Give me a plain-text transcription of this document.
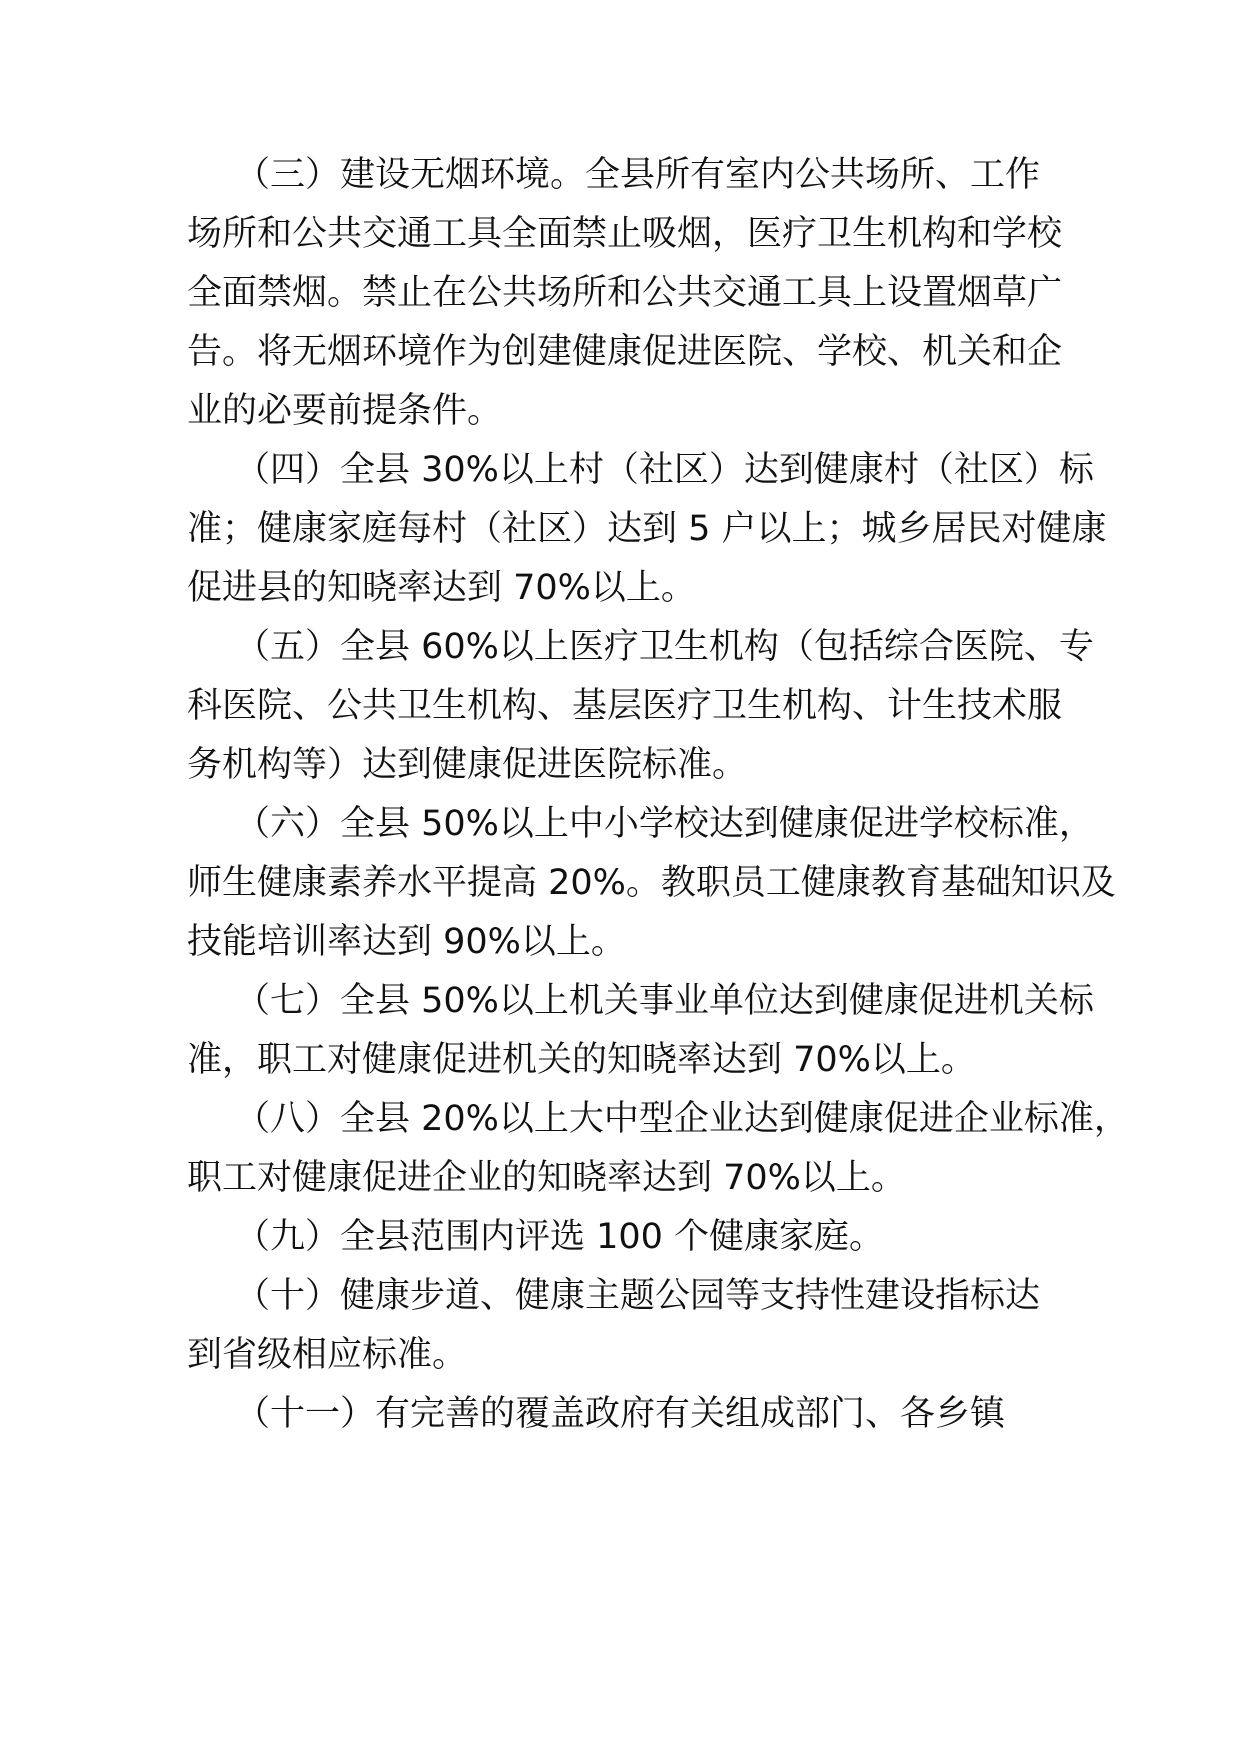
（三）建设无烟环境。全县所有室内公共场所、工作
场所和公共交通工具全面禁止吸烟，医疗卫生机构和学校
全面禁烟。禁止在公共场所和公共交通工具上设置烟草广
告。将无烟环境作为创建健康促进医院、学校、机关和企
业的必要前提条件。
（四）全县 30%以上村（社区）达到健康村（社区）标
准；健康家庭每村（社区）达到 5 户以上；城乡居民对健康
促进县的知晓率达到 70%以上。
（五）全县 60%以上医疗卫生机构（包括综合医院、专
科医院、公共卫生机构、基层医疗卫生机构、计生技术服
务机构等）达到健康促进医院标准。
（六）全县 50%以上中小学校达到健康促进学校标准，
师生健康素养水平提高 20%。教职员工健康教育基础知识及
技能培训率达到 90%以上。
（七）全县 50%以上机关事业单位达到健康促进机关标
准，职工对健康促进机关的知晓率达到 70%以上。
（八）全县 20%以上大中型企业达到健康促进企业标准，
职工对健康促进企业的知晓率达到 70%以上。
（九）全县范围内评选 100 个健康家庭。
（十）健康步道、健康主题公园等支持性建设指标达
到省级相应标准。
（十一）有完善的覆盖政府有关组成部门、各乡镇
